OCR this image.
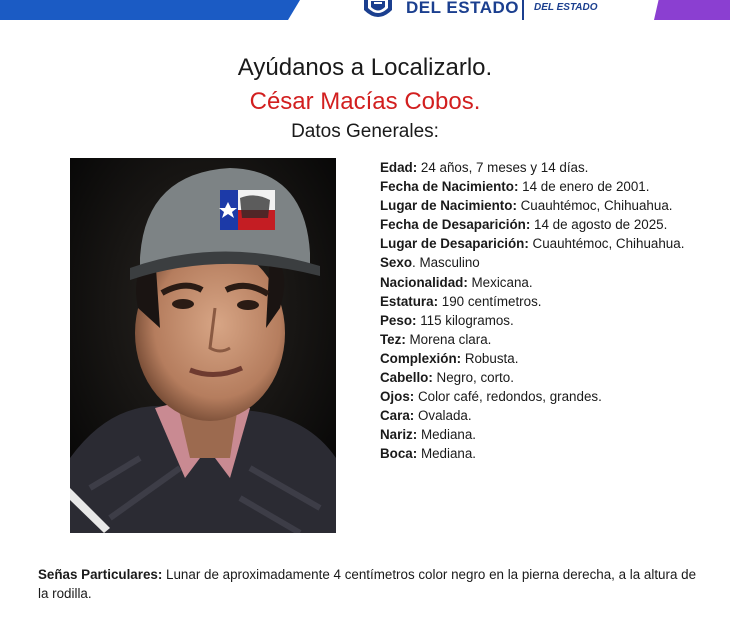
DEL ESTADO DEL ESTADO
Ayúdanos a Localizarlo.
César Macías Cobos.
Datos Generales:

Edad: 24 años, 7 meses y 14 días.

Fecha de Nacimiento: 14 de enero de 2001.

Lugar de Nacimiento: Cuauhtémoc, Chihuahua.

Fecha de Desaparición: 14 de agosto de 2025.

Lugar de Desaparición: Cuauhtémoc, Chihuahua.

Sexo. Masculino

Nacionalidad: Mexicana.

Estatura: 190 centímetros.

Peso: 115 kilogramos.

Tez: Morena clara.

Complexión: Robusta.

Cabello: Negro, corto.

Ojos: Color café, redondos, grandes.

Cara: Ovalada.

Nariz: Mediana.

Boca: Mediana.

Señas Particulares: Lunar de aproximadamente 4 centímetros color negro en la pierna derecha, a la altura de la rodilla.
